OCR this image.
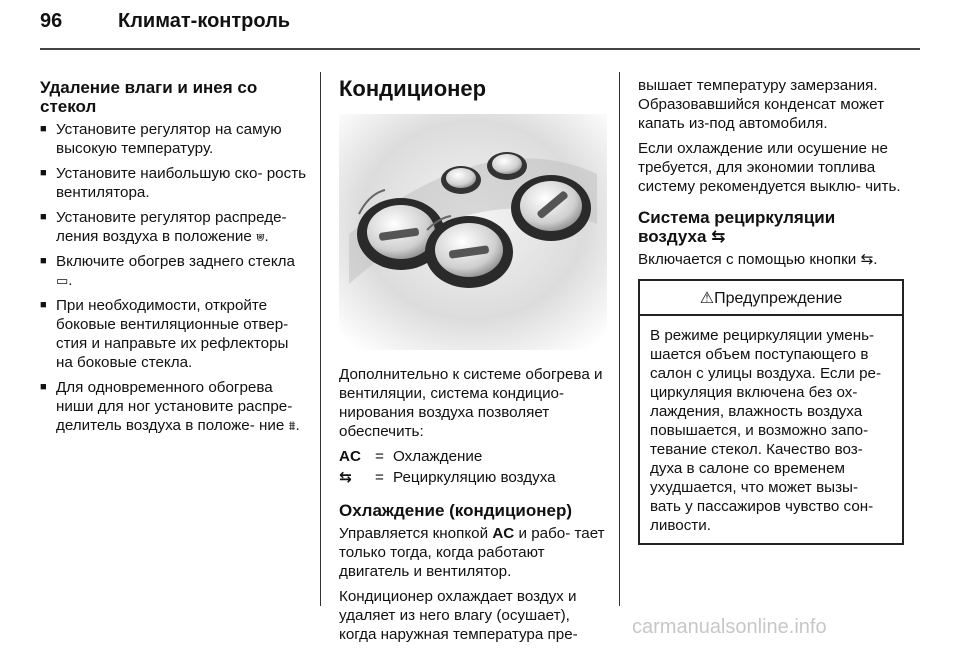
96	Климат-контроль
Удаление влаги и инея со стекол
■ Установите регулятор на самую высокую температуру.
■ Установите наибольшую ско- рость вентилятора.
■ Установите регулятор распреде- ления воздуха в положение ⩐.
■ Включите обогрев заднего стекла ▭.
■ При необходимости, откройте боковые вентиляционные отвер- стия и направьте их рефлекторы на боковые стекла.
■ Для одновременного обогрева ниши для ног установите распре- делитель воздуха в положе- ние ⩩.
Кондиционер

Дополнительно к системе обогрева и вентиляции, система кондицио- нирования воздуха позволяет обеспечить:

AC = Охлаждение
⇆	= Рециркуляцию воздуха
Охлаждение (кондиционер)

Управляется кнопкой AC и рабо- тает только тогда, когда работают двигатель и вентилятор.

Кондиционер охлаждает воздух и удаляет из него влагу (осушает), когда наружная температура пре-

вышает температуру замерзания. Образовавшийся конденсат может капать из-под автомобиля.

Если охлаждение или осушение не требуется, для экономии топлива систему рекомендуется выклю- чить.

Система рециркуляции воздуха ⇆

Включается с помощью кнопки ⇆.

⚠Предупреждение
В режиме рециркуляции умень- шается объем поступающего в салон с улицы воздуха. Если ре- циркуляция включена без ох- лаждения, влажность воздуха повышается, и возможно запо- тевание стекол. Качество воз- духа в салоне со временем ухудшается, что может вызы- вать у пассажиров чувство сон- ливости.
carmanualsonline.info
